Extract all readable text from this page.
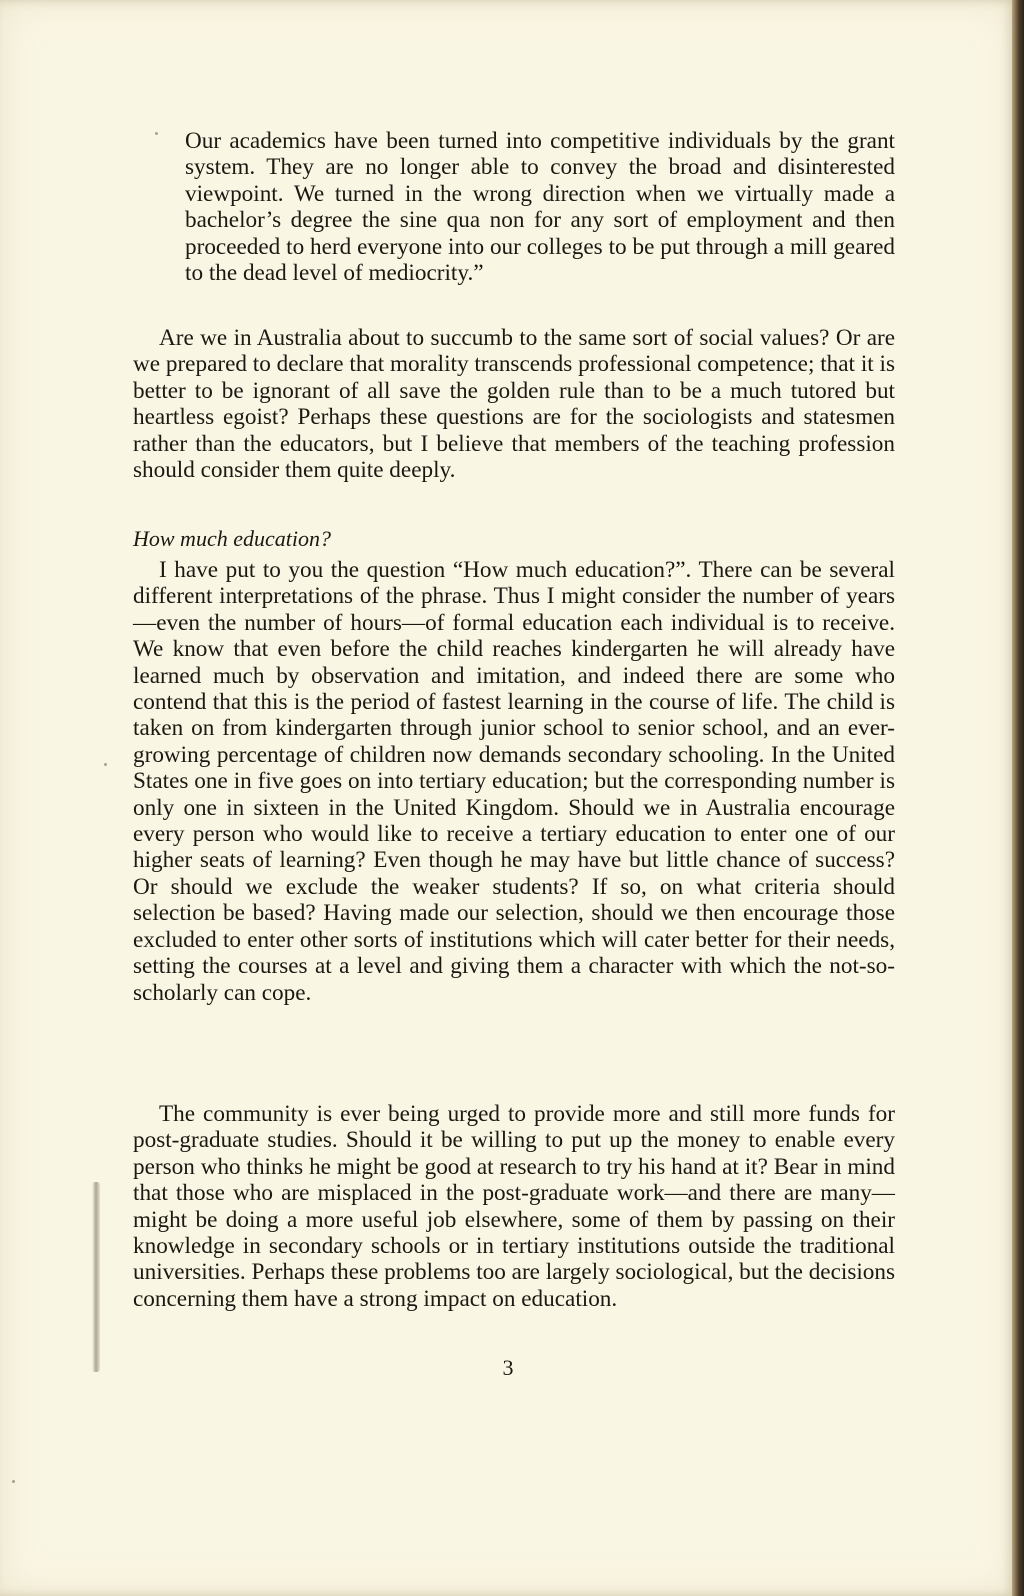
Our academics have been turned into competitive individuals by the grant system. They are no longer able to convey the broad and disinterested viewpoint. We turned in the wrong direction when we virtually made a bachelor’s degree the sine qua non for any sort of employment and then proceeded to herd everyone into our colleges to be put through a mill geared to the dead level of mediocrity.”

Are we in Australia about to succumb to the same sort of social values? Or are we prepared to declare that morality transcends professional competence; that it is better to be ignorant of all save the golden rule than to be a much tutored but heartless egoist? Perhaps these questions are for the sociologists and statesmen rather than the educators, but I believe that members of the teaching profession should consider them quite deeply.

How much education?

I have put to you the question “How much education?”. There can be several different interpretations of the phrase. Thus I might consider the number of years—even the number of hours—of formal education each individual is to receive. We know that even before the child reaches kindergarten he will already have learned much by observation and imitation, and indeed there are some who contend that this is the period of fastest learning in the course of life. The child is taken on from kindergarten through junior school to senior school, and an ever-growing percentage of children now demands secondary schooling. In the United States one in five goes on into tertiary education; but the corresponding number is only one in sixteen in the United Kingdom. Should we in Australia encourage every person who would like to receive a tertiary education to enter one of our higher seats of learning? Even though he may have but little chance of success? Or should we exclude the weaker students? If so, on what criteria should selection be based? Having made our selection, should we then encourage those excluded to enter other sorts of institutions which will cater better for their needs, setting the courses at a level and giving them a character with which the not-so-scholarly can cope.

The community is ever being urged to provide more and still more funds for post-graduate studies. Should it be willing to put up the money to enable every person who thinks he might be good at research to try his hand at it? Bear in mind that those who are misplaced in the post-graduate work—and there are many—might be doing a more useful job elsewhere, some of them by passing on their knowledge in secondary schools or in tertiary institutions outside the traditional universities. Perhaps these problems too are largely sociological, but the decisions concerning them have a strong impact on education.

3
